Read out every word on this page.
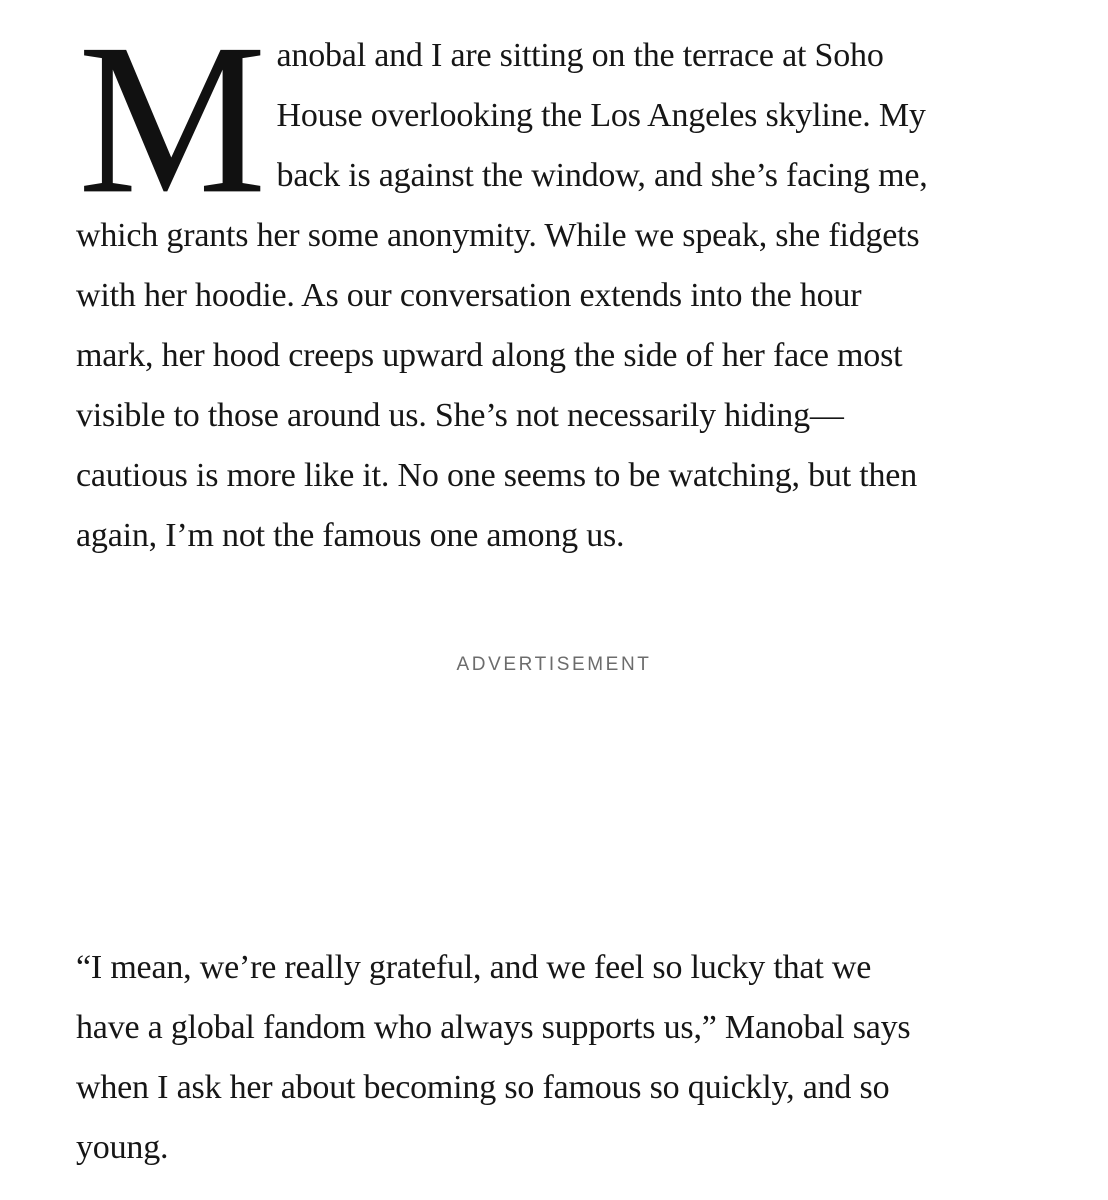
M anobal and I are sitting on the terrace at Soho
House overlooking the Los Angeles skyline. My
back is against the window, and she’s facing me,
which grants her some anonymity. While we speak, she fidgets
with her hoodie. As our conversation extends into the hour
mark, her hood creeps upward along the side of her face most
visible to those around us. She’s not necessarily hiding—
cautious is more like it. No one seems to be watching, but then
again, I’m not the famous one among us.
ADVERTISEMENT
“I mean, we’re really grateful, and we feel so lucky that we
have a global fandom who always supports us,” Manobal says
when I ask her about becoming so famous so quickly, and so
young.
